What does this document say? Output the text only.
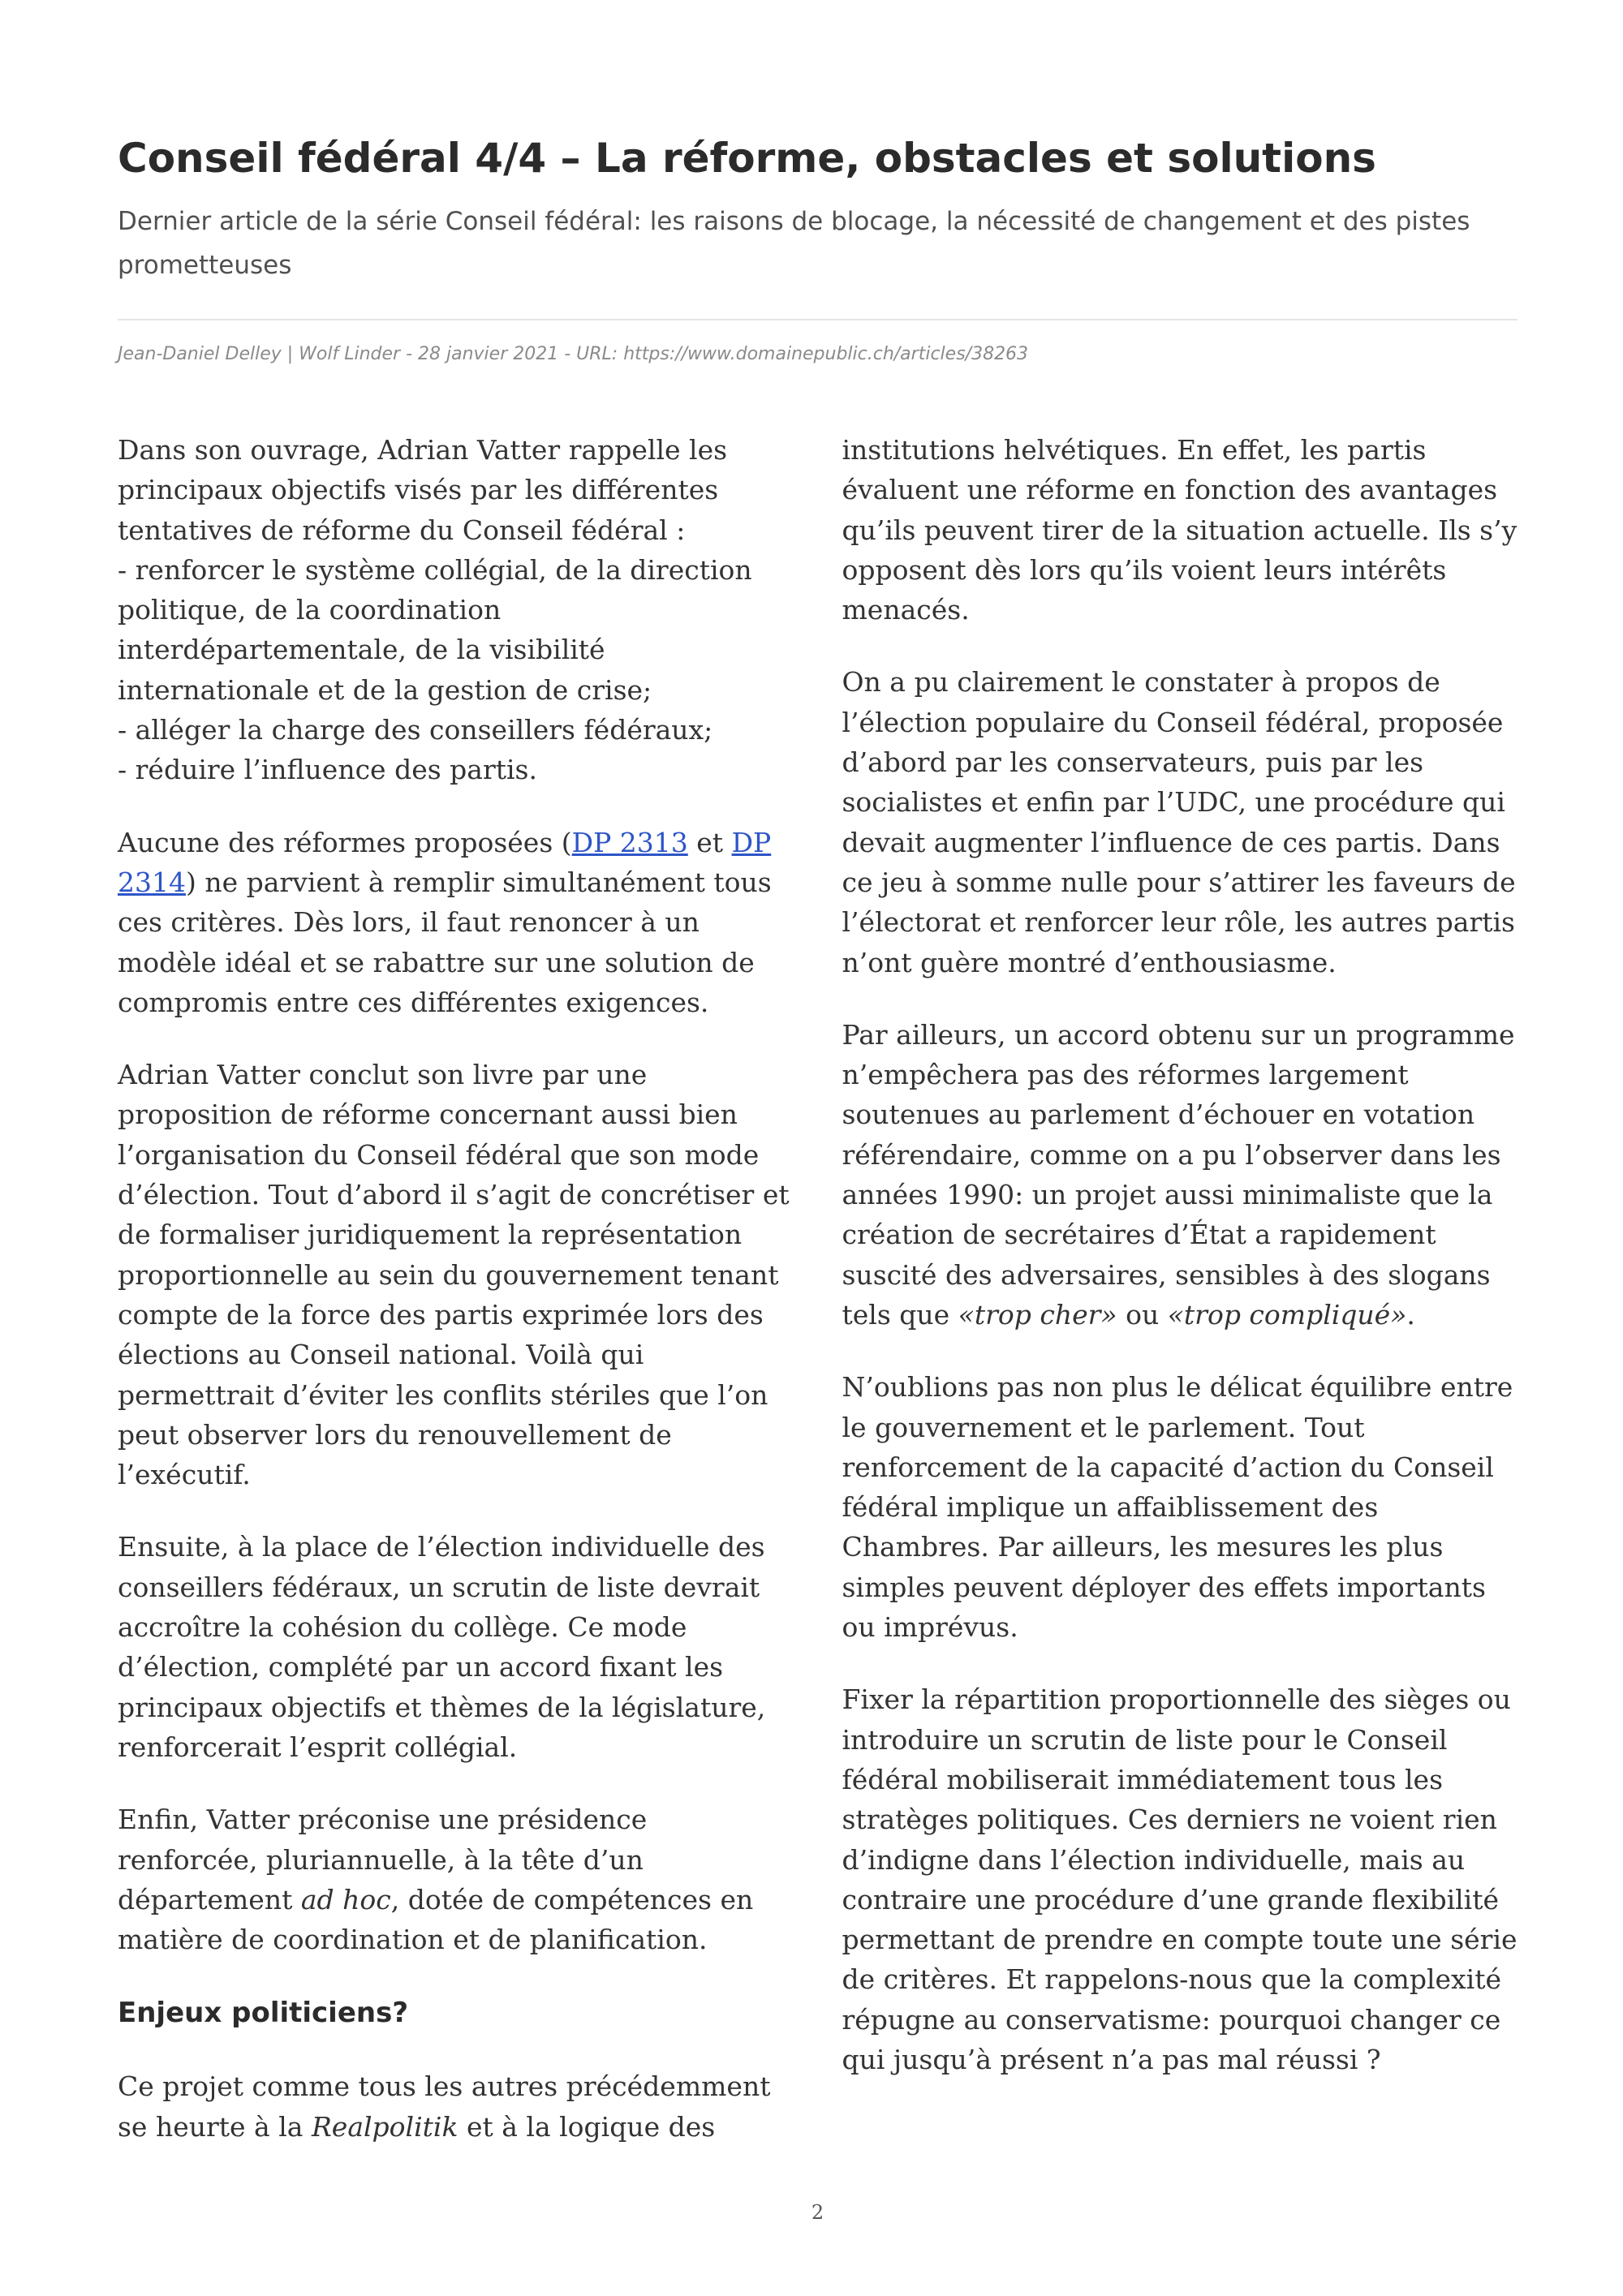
Conseil fédéral 4/4 – La réforme, obstacles et solutions

Dernier article de la série Conseil fédéral: les raisons de blocage, la nécessité de changement et des pistes prometteuses

Jean-Daniel Delley | Wolf Linder - 28 janvier 2021 - URL: https://www.domainepublic.ch/articles/38263

Dans son ouvrage, Adrian Vatter rappelle les principaux objectifs visés par les différentes tentatives de réforme du Conseil fédéral :
- renforcer le système collégial, de la direction politique, de la coordination interdépartementale, de la visibilité internationale et de la gestion de crise;
- alléger la charge des conseillers fédéraux;
- réduire l’influence des partis.

Aucune des réformes proposées (DP 2313 et DP 2314) ne parvient à remplir simultanément tous ces critères. Dès lors, il faut renoncer à un modèle idéal et se rabattre sur une solution de compromis entre ces différentes exigences.

Adrian Vatter conclut son livre par une proposition de réforme concernant aussi bien l’organisation du Conseil fédéral que son mode d’élection. Tout d’abord il s’agit de concrétiser et de formaliser juridiquement la représentation proportionnelle au sein du gouvernement tenant compte de la force des partis exprimée lors des élections au Conseil national. Voilà qui permettrait d’éviter les conflits stériles que l’on peut observer lors du renouvellement de l’exécutif.

Ensuite, à la place de l’élection individuelle des conseillers fédéraux, un scrutin de liste devrait accroître la cohésion du collège. Ce mode d’élection, complété par un accord fixant les principaux objectifs et thèmes de la législature, renforcerait l’esprit collégial.

Enfin, Vatter préconise une présidence renforcée, pluriannuelle, à la tête d’un département ad hoc, dotée de compétences en matière de coordination et de planification.

Enjeux politiciens?

Ce projet comme tous les autres précédemment se heurte à la Realpolitik et à la logique des institutions helvétiques. En effet, les partis évaluent une réforme en fonction des avantages qu’ils peuvent tirer de la situation actuelle. Ils s’y opposent dès lors qu’ils voient leurs intérêts menacés.

On a pu clairement le constater à propos de l’élection populaire du Conseil fédéral, proposée d’abord par les conservateurs, puis par les socialistes et enfin par l’UDC, une procédure qui devait augmenter l’influence de ces partis. Dans ce jeu à somme nulle pour s’attirer les faveurs de l’électorat et renforcer leur rôle, les autres partis n’ont guère montré d’enthousiasme.

Par ailleurs, un accord obtenu sur un programme n’empêchera pas des réformes largement soutenues au parlement d’échouer en votation référendaire, comme on a pu l’observer dans les années 1990: un projet aussi minimaliste que la création de secrétaires d’État a rapidement suscité des adversaires, sensibles à des slogans tels que «trop cher» ou «trop compliqué».

N’oublions pas non plus le délicat équilibre entre le gouvernement et le parlement. Tout renforcement de la capacité d’action du Conseil fédéral implique un affaiblissement des Chambres. Par ailleurs, les mesures les plus simples peuvent déployer des effets importants ou imprévus.

Fixer la répartition proportionnelle des sièges ou introduire un scrutin de liste pour le Conseil fédéral mobiliserait immédiatement tous les stratèges politiques. Ces derniers ne voient rien d’indigne dans l’élection individuelle, mais au contraire une procédure d’une grande flexibilité permettant de prendre en compte toute une série de critères. Et rappelons-nous que la complexité répugne au conservatisme: pourquoi changer ce qui jusqu’à présent n’a pas mal réussi ?

2
